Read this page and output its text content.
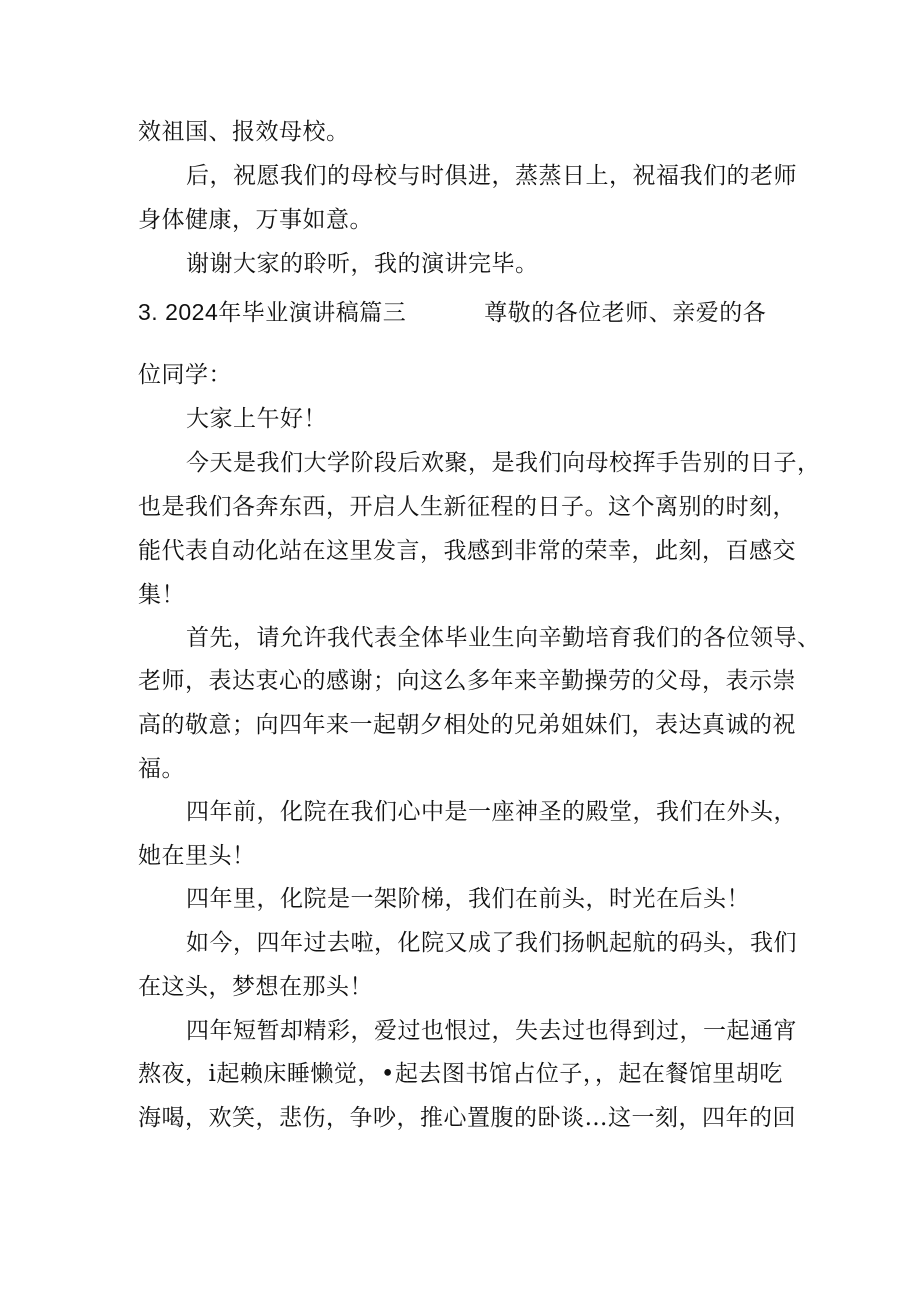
效祖国、报效母校。
后，祝愿我们的母校与时俱进，蒸蒸日上，祝福我们的老师
身体健康，万事如意。
谢谢大家的聆听，我的演讲完毕。
3. 2024年毕业演讲稿篇三	尊敬的各位老师、亲爱的各
位同学：
大家上午好！
今天是我们大学阶段后欢聚，是我们向母校挥手告别的日子，
也是我们各奔东西，开启人生新征程的日子。这个离别的时刻，
能代表自动化站在这里发言，我感到非常的荣幸，此刻，百感交
集！
首先，请允许我代表全体毕业生向辛勤培育我们的各位领导、
老师，表达衷心的感谢；向这么多年来辛勤操劳的父母，表示崇
高的敬意；向四年来一起朝夕相处的兄弟姐妹们，表达真诚的祝
福。
四年前，化院在我们心中是一座神圣的殿堂，我们在外头，
她在里头！
四年里，化院是一架阶梯，我们在前头，时光在后头！
如今，四年过去啦，化院又成了我们扬帆起航的码头，我们
在这头，梦想在那头！
四年短暂却精彩，爱过也恨过，失去过也得到过，一起通宵
熬夜，i起赖床睡懒觉，•起去图书馆占位子，，起在餐馆里胡吃
海喝，欢笑，悲伤，争吵，推心置腹的卧谈…这一刻，四年的回
